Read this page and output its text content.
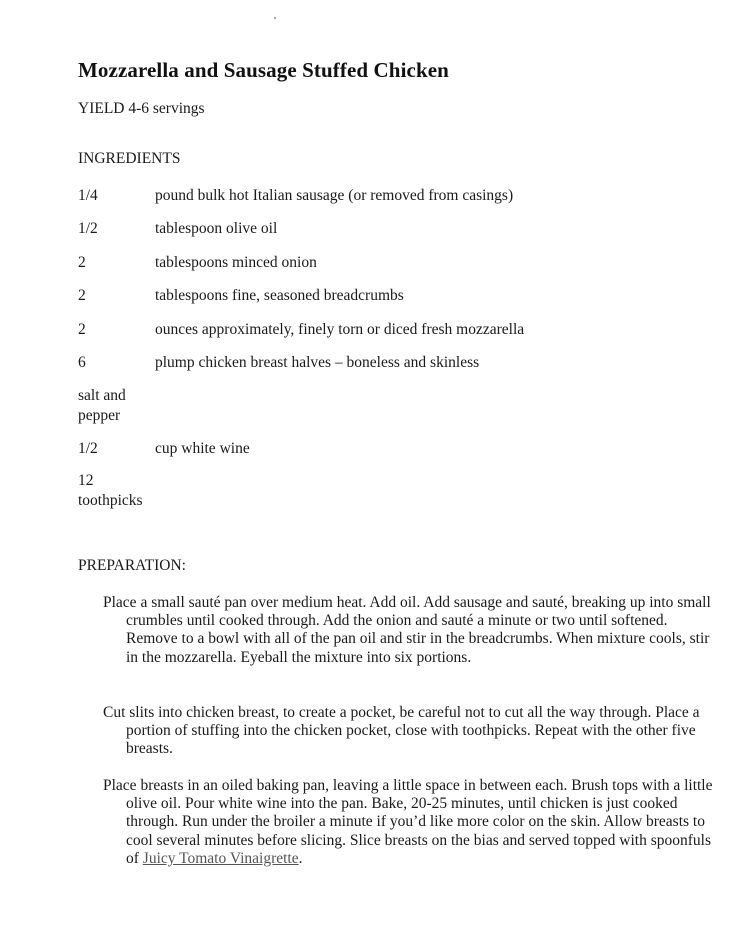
Mozzarella and Sausage Stuffed Chicken
YIELD 4-6 servings
INGREDIENTS
1/4	pound bulk hot Italian sausage (or removed from casings)
1/2	tablespoon olive oil
2	tablespoons minced onion
2	tablespoons fine, seasoned breadcrumbs
2	ounces approximately, finely torn or diced fresh mozzarella
6	plump chicken breast halves – boneless and skinless
salt and
pepper
1/2	cup white wine
12
toothpicks
PREPARATION:
Place a small sauté pan over medium heat. Add oil. Add sausage and sauté, breaking up into small crumbles until cooked through. Add the onion and sauté a minute or two until softened. Remove to a bowl with all of the pan oil and stir in the breadcrumbs. When mixture cools, stir in the mozzarella. Eyeball the mixture into six portions.
Cut slits into chicken breast, to create a pocket, be careful not to cut all the way through. Place a portion of stuffing into the chicken pocket, close with toothpicks. Repeat with the other five breasts.
Place breasts in an oiled baking pan, leaving a little space in between each. Brush tops with a little olive oil. Pour white wine into the pan. Bake, 20-25 minutes, until chicken is just cooked through. Run under the broiler a minute if you’d like more color on the skin. Allow breasts to cool several minutes before slicing. Slice breasts on the bias and served topped with spoonfuls of Juicy Tomato Vinaigrette.
